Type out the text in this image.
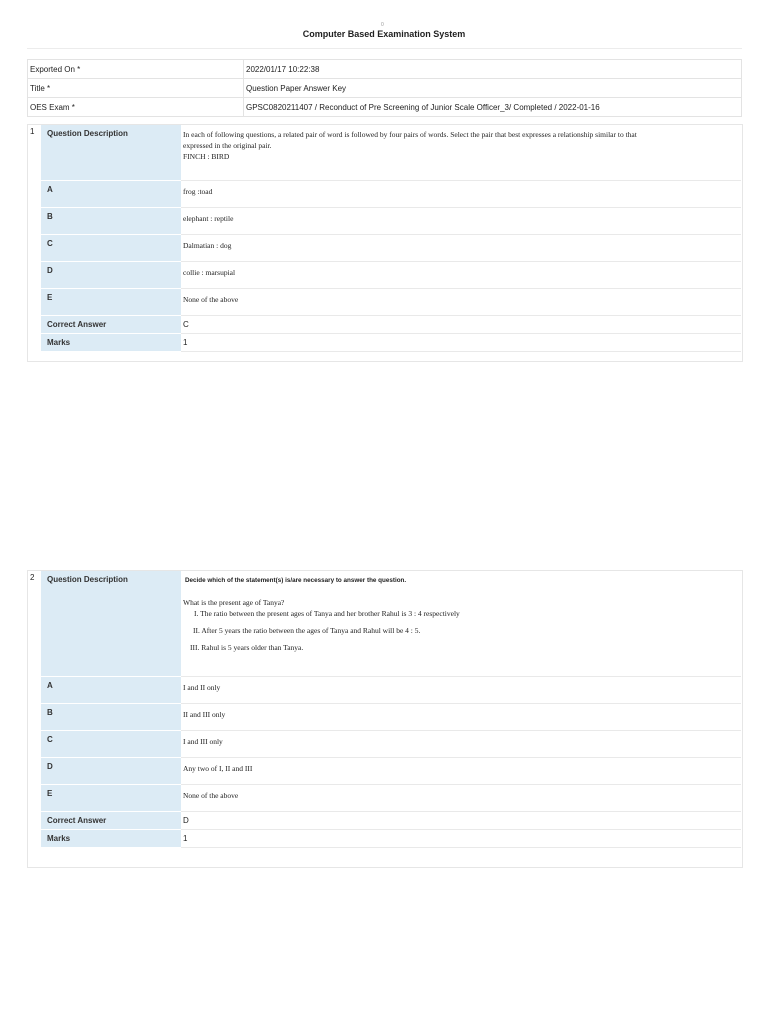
0
Computer Based Examination System
Exported On *	2022/01/17 10:22:38
Title *	Question Paper Answer Key
OES Exam *	GPSC0820211407 / Reconduct of Pre Screening of Junior Scale Officer_3/ Completed / 2022-01-16
1 Question Description	In each of following questions, a related pair of word is followed by four pairs of words. Select the pair that best expresses a relationship similar to that
expressed in the original pair.
FINCH : BIRD

A	frog :toad
B	elephant : reptile
C	Dalmatian : dog
D	collie : marsupial
E	None of the above
Correct Answer	C
Marks	1
2 Question Description	Decide which of the statement(s) is/are necessary to answer the question.
What is the present age of Tanya?
I. The ratio between the present ages of Tanya and her brother Rahul is 3 : 4 respectively
II. After 5 years the ratio between the ages of Tanya and Rahul will be 4 : 5.
III. Rahul is 5 years older than Tanya.

A	I and II only
B	II and III only
C	I and III only
D	Any two of I, II and III
E	None of the above
Correct Answer	D
Marks	1
